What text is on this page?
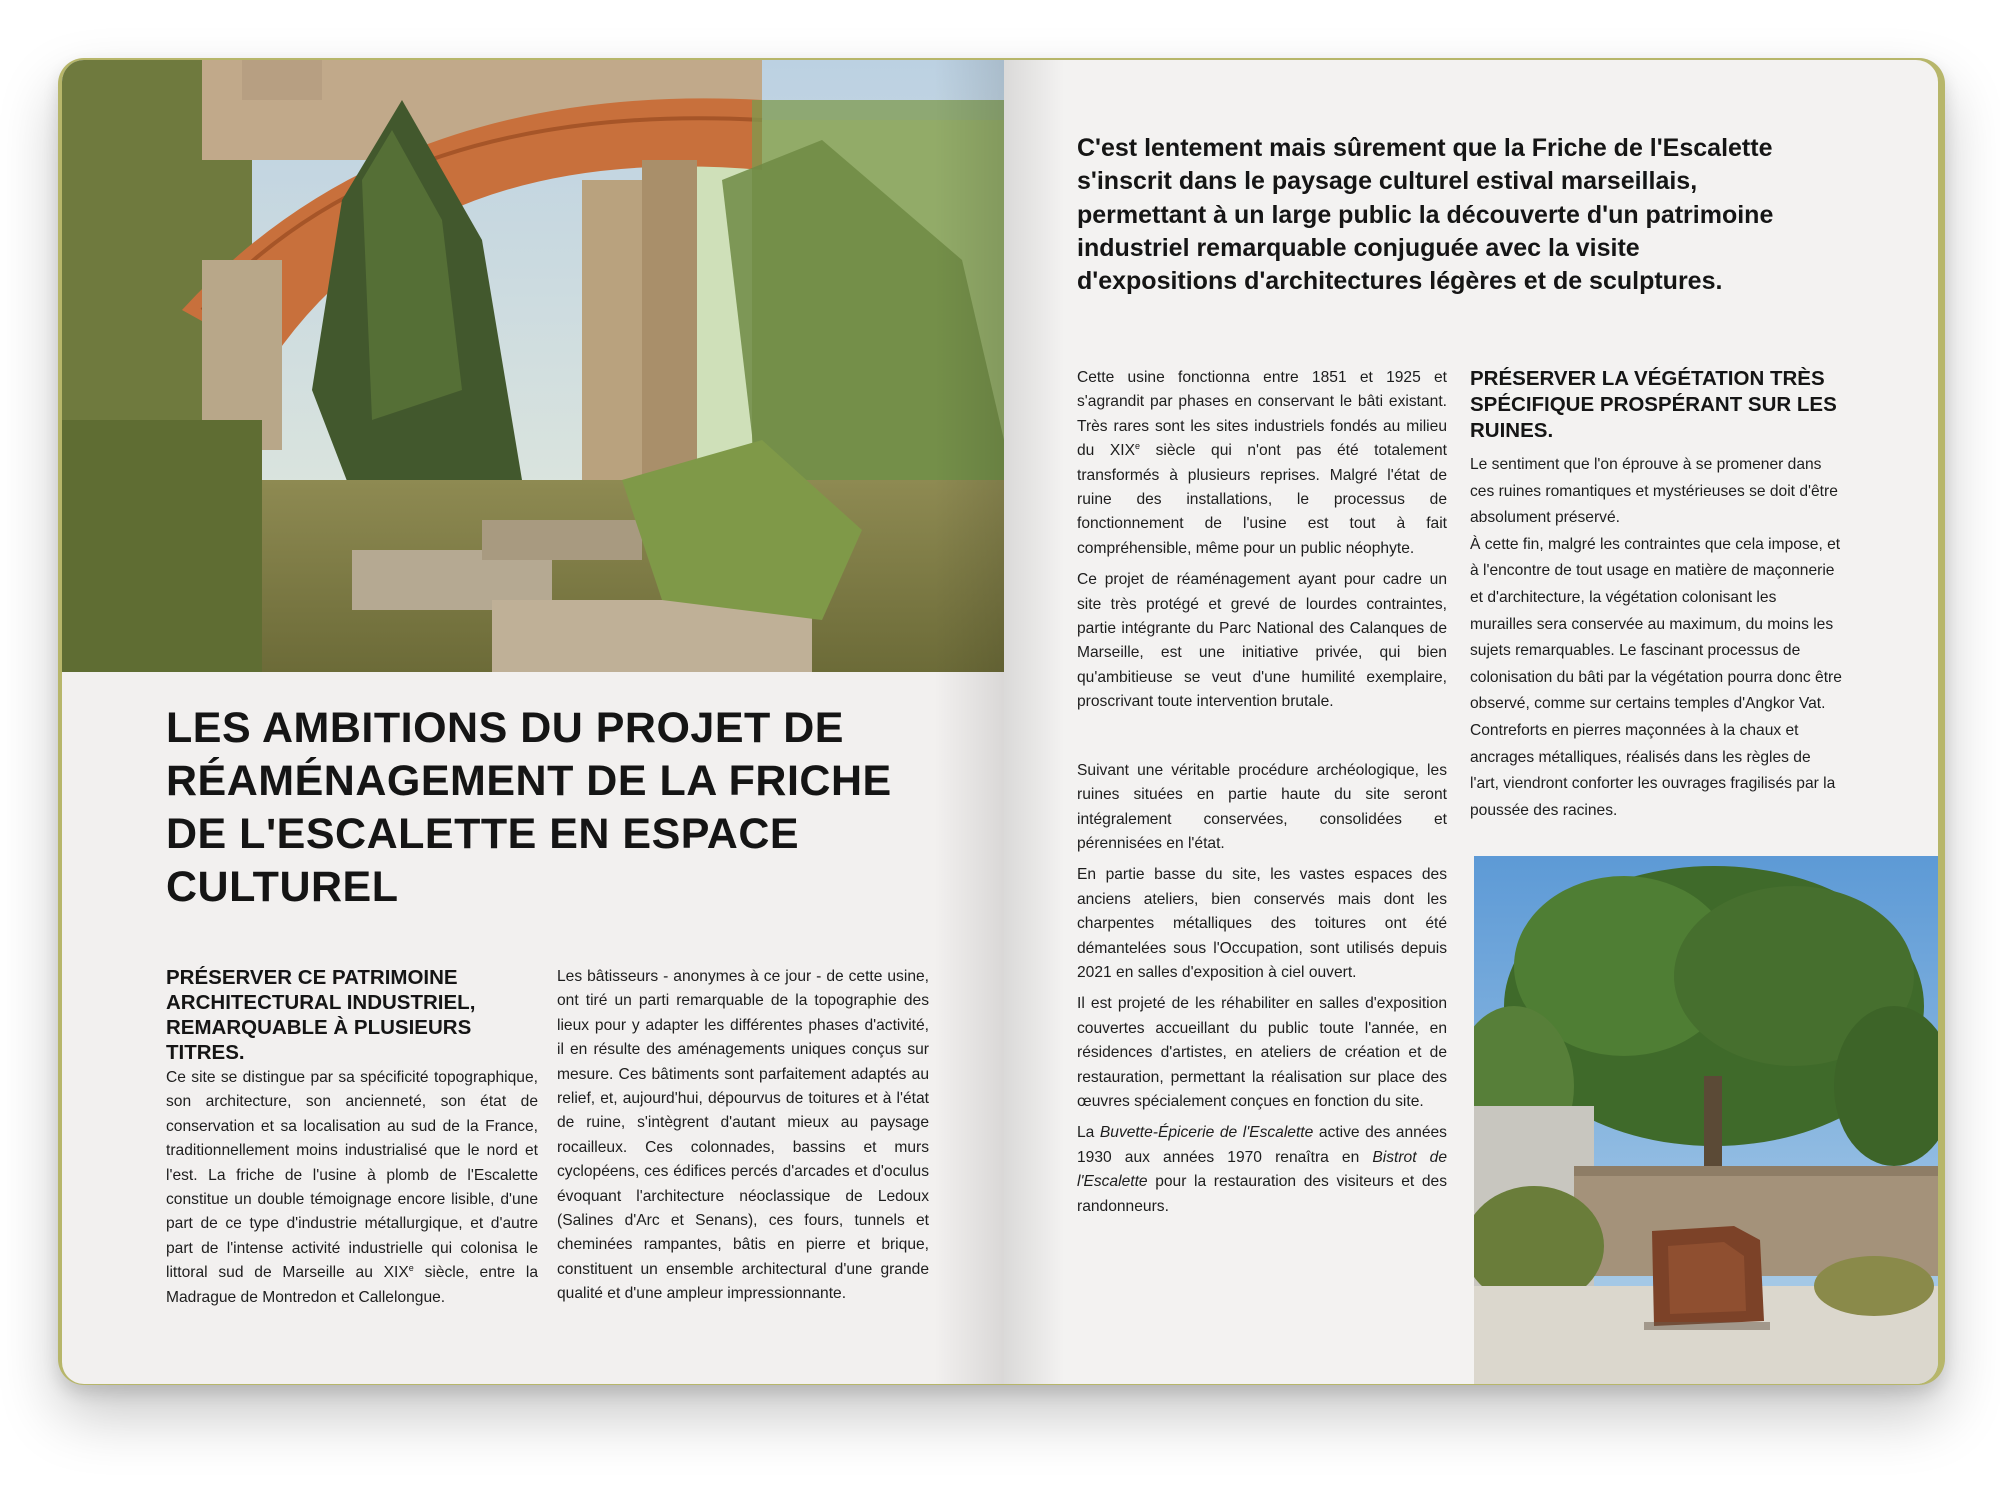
LES AMBITIONS DU PROJET DE RÉAMÉNAGEMENT DE LA FRICHE DE L'ESCALETTE EN ESPACE CULTUREL
PRÉSERVER CE PATRIMOINE ARCHITECTURAL INDUSTRIEL, REMARQUABLE À PLUSIEURS TITRES.

Ce site se distingue par sa spécificité topographique, son architecture, son ancienneté, son état de conservation et sa localisation au sud de la France, traditionnellement moins industrialisé que le nord et l'est. La friche de l'usine à plomb de l'Escalette constitue un double témoignage encore lisible, d'une part de ce type d'industrie métallurgique, et d'autre part de l'intense activité industrielle qui colonisa le littoral sud de Marseille au XIXe siècle, entre la Madrague de Montredon et Callelongue.

Les bâtisseurs - anonymes à ce jour - de cette usine, ont tiré un parti remarquable de la topographie des lieux pour y adapter les différentes phases d'activité, il en résulte des aménagements uniques conçus sur mesure. Ces bâtiments sont parfaitement adaptés au relief, et, aujourd'hui, dépourvus de toitures et à l'état de ruine, s'intègrent d'autant mieux au paysage rocailleux. Ces colonnades, bassins et murs cyclopéens, ces édifices percés d'arcades et d'oculus évoquant l'architecture néoclassique de Ledoux (Salines d'Arc et Senans), ces fours, tunnels et cheminées rampantes, bâtis en pierre et brique, constituent un ensemble architectural d'une grande qualité et d'une ampleur impressionnante.

C'est lentement mais sûrement que la Friche de l'Escalette s'inscrit dans le paysage culturel estival marseillais, permettant à un large public la découverte d'un patrimoine industriel remarquable conjuguée avec la visite d'expositions d'architectures légères et de sculptures.

Cette usine fonctionna entre 1851 et 1925 et s'agrandit par phases en conservant le bâti existant. Très rares sont les sites industriels fondés au milieu du XIXe siècle qui n'ont pas été totalement transformés à plusieurs reprises. Malgré l'état de ruine des installations, le processus de fonctionnement de l'usine est tout à fait compréhensible, même pour un public néophyte.

Ce projet de réaménagement ayant pour cadre un site très protégé et grevé de lourdes contraintes, partie intégrante du Parc National des Calanques de Marseille, est une initiative privée, qui bien qu'ambitieuse se veut d'une humilité exemplaire, proscrivant toute intervention brutale.

Suivant une véritable procédure archéologique, les ruines situées en partie haute du site seront intégralement conservées, consolidées et pérennisées en l'état.

En partie basse du site, les vastes espaces des anciens ateliers, bien conservés mais dont les charpentes métalliques des toitures ont été démantelées sous l'Occupation, sont utilisés depuis 2021 en salles d'exposition à ciel ouvert.

Il est projeté de les réhabiliter en salles d'exposition couvertes accueillant du public toute l'année, en résidences d'artistes, en ateliers de création et de restauration, permettant la réalisation sur place des œuvres spécialement conçues en fonction du site.

La Buvette-Épicerie de l'Escalette active des années 1930 aux années 1970 renaîtra en Bistrot de l'Escalette pour la restauration des visiteurs et des randonneurs.

PRÉSERVER LA VÉGÉTATION TRÈS SPÉCIFIQUE PROSPÉRANT SUR LES RUINES.

Le sentiment que l'on éprouve à se promener dans ces ruines romantiques et mystérieuses se doit d'être absolument préservé.

À cette fin, malgré les contraintes que cela impose, et à l'encontre de tout usage en matière de maçonnerie et d'architecture, la végétation colonisant les murailles sera conservée au maximum, du moins les sujets remarquables. Le fascinant processus de colonisation du bâti par la végétation pourra donc être observé, comme sur certains temples d'Angkor Vat. Contreforts en pierres maçonnées à la chaux et ancrages métalliques, réalisés dans les règles de l'art, viendront conforter les ouvrages fragilisés par la poussée des racines.
